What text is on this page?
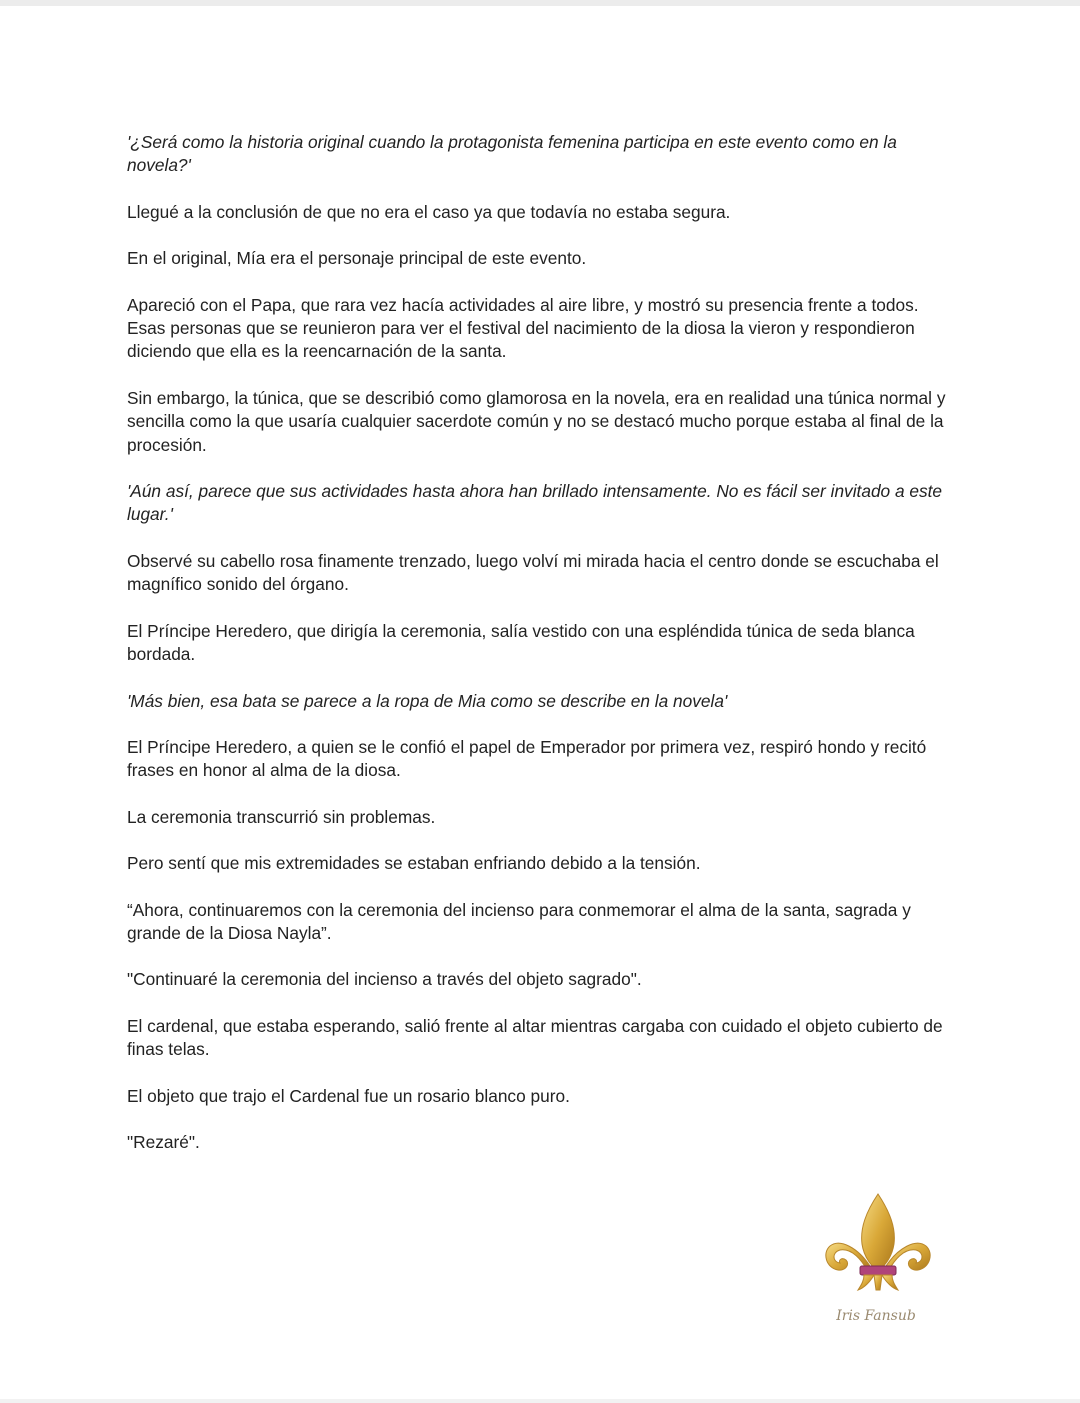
'¿Será como la historia original cuando la protagonista femenina participa en este evento como en la novela?'

Llegué a la conclusión de que no era el caso ya que todavía no estaba segura.

En el original, Mía era el personaje principal de este evento.

Apareció con el Papa, que rara vez hacía actividades al aire libre, y mostró su presencia frente a todos. Esas personas que se reunieron para ver el festival del nacimiento de la diosa la vieron y respondieron diciendo que ella es la reencarnación de la santa.

Sin embargo, la túnica, que se describió como glamorosa en la novela, era en realidad una túnica normal y sencilla como la que usaría cualquier sacerdote común y no se destacó mucho porque estaba al final de la procesión.

'Aún así, parece que sus actividades hasta ahora han brillado intensamente. No es fácil ser invitado a este lugar.'

Observé su cabello rosa finamente trenzado, luego volví mi mirada hacia el centro donde se escuchaba el magnífico sonido del órgano.

El Príncipe Heredero, que dirigía la ceremonia, salía vestido con una espléndida túnica de seda blanca bordada.

'Más bien, esa bata se parece a la ropa de Mia como se describe en la novela'

El Príncipe Heredero, a quien se le confió el papel de Emperador por primera vez, respiró hondo y recitó frases en honor al alma de la diosa.

La ceremonia transcurrió sin problemas.

Pero sentí que mis extremidades se estaban enfriando debido a la tensión.

“Ahora, continuaremos con la ceremonia del incienso para conmemorar el alma de la santa, sagrada y grande de la Diosa Nayla”.

"Continuaré la ceremonia del incienso a través del objeto sagrado".

El cardenal, que estaba esperando, salió frente al altar mientras cargaba con cuidado el objeto cubierto de finas telas.

El objeto que trajo el Cardenal fue un rosario blanco puro.

"Rezaré".

Iris Fansub
